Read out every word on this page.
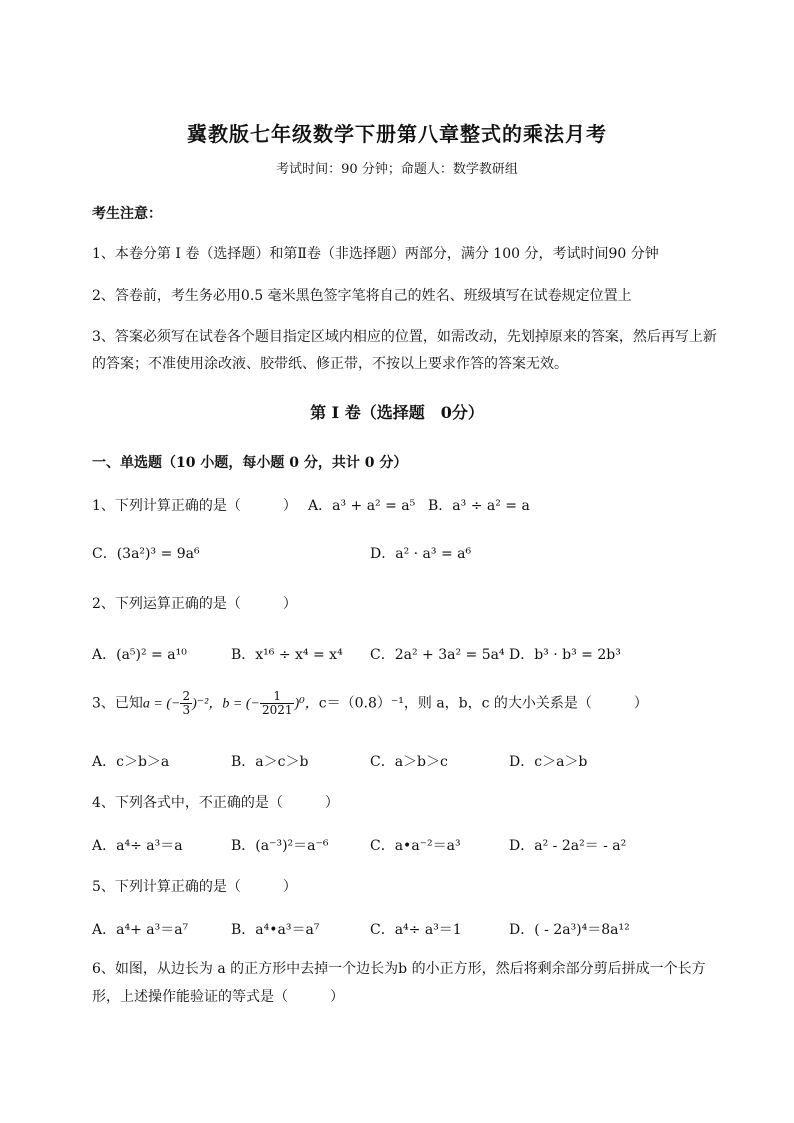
冀教版七年级数学下册第八章整式的乘法月考
考试时间：90 分钟；命题人：数学教研组
考生注意：
1、本卷分第 I 卷（选择题）和第Ⅱ卷（非选择题）两部分，满分 100 分，考试时间90 分钟
2、答卷前，考生务必用0.5 毫米黑色签字笔将自己的姓名、班级填写在试卷规定位置上
3、答案必须写在试卷各个题目指定区域内相应的位置，如需改动，先划掉原来的答案，然后再写上新
的答案；不准使用涂改液、胶带纸、修正带，不按以上要求作答的答案无效。
第 I 卷（选择题　0分）
一、单选题（10 小题，每小题 0 分，共计 0 分）
1、下列计算正确的是（　　　） A．a³ + a² = a⁵ B．a³ ÷ a² = a
C．(3a²)³ = 9a⁶	D．a² · a³ = a⁶
2、下列运算正确的是（　　　）
A．(a⁵)² = a¹⁰	B．x¹⁶ ÷ x⁴ = x⁴ C．2a² + 3a² = 5a⁴ D．b³ · b³ = 2b³
3、已知a = (− $\frac{2}{3} )^{-2}$，b = (− $\frac{1}{2021} )^0$，c＝（0.8）⁻¹，则 a，b，c 的大小关系是（　　　）
A．c＞b＞a	B．a＞c＞b	C．a＞b＞c	D．c＞a＞b
4、下列各式中，不正确的是（　　　）
A．a⁴÷ a³＝a	B．(a⁻³)²＝a⁻⁶	C．a•a⁻²＝a³	D．a² - 2a²＝ - a²
5、下列计算正确的是（　　　）
A．a⁴+ a³＝a⁷	B．a⁴•a³＝a⁷	C．a⁴÷ a³＝1	D．( - 2a³)⁴＝8a¹²
6、如图，从边长为 a 的正方形中去掉一个边长为b 的小正方形，然后将剩余部分剪后拼成一个长方
形，上述操作能验证的等式是（　　　）
